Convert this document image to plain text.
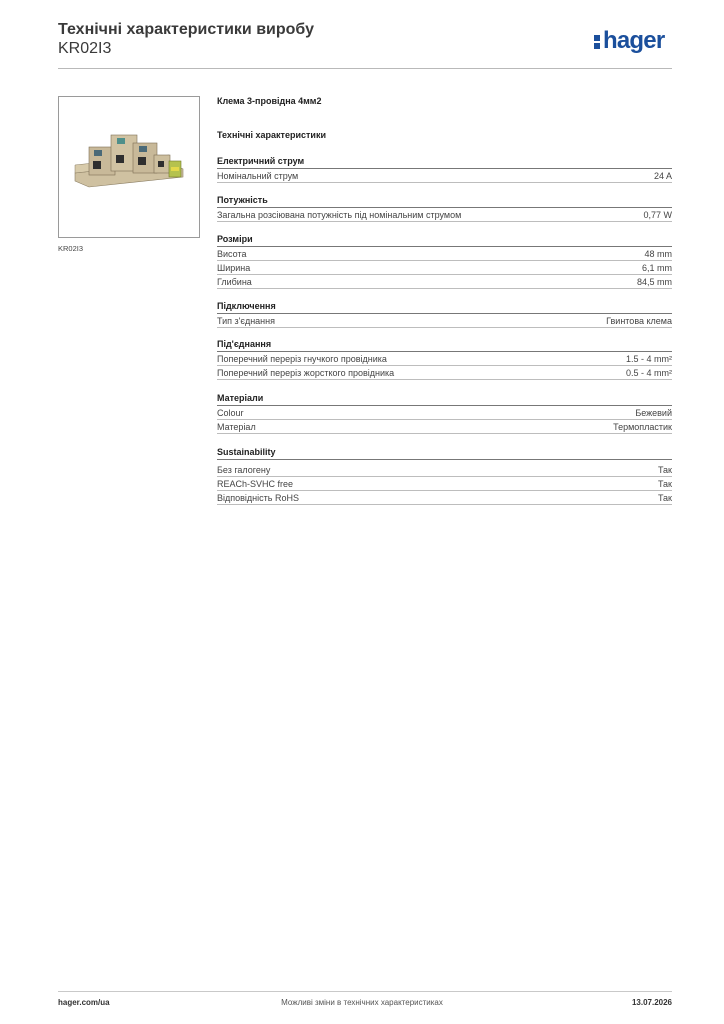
Технічні характеристики виробу
KR02I3	hager
KR02I3
Клема 3-провідна 4мм2
Технічні характеристики
Електричний струм
Номінальний струм	24 A
Потужність
Загальна розсіювана потужність під номінальним струмом	0,77 W
Розміри
Висота	48 mm
Ширина	6,1 mm
Глибина	84,5 mm
Підключення
Тип з'єднання	Гвинтова клема
Під'єднання
Поперечний переріз гнучкого провідника	1.5 - 4 mm²
Поперечний переріз жорсткого провідника	0.5 - 4 mm²
Матеріали
Colour	Бежевий
Матеріал	Термопластик
Sustainability
Без галогену	Так
REACh-SVHC free	Так
Відповідність RoHS	Так
hager.com/ua	Можливі зміни в технічних характеристиках	13.07.2026
